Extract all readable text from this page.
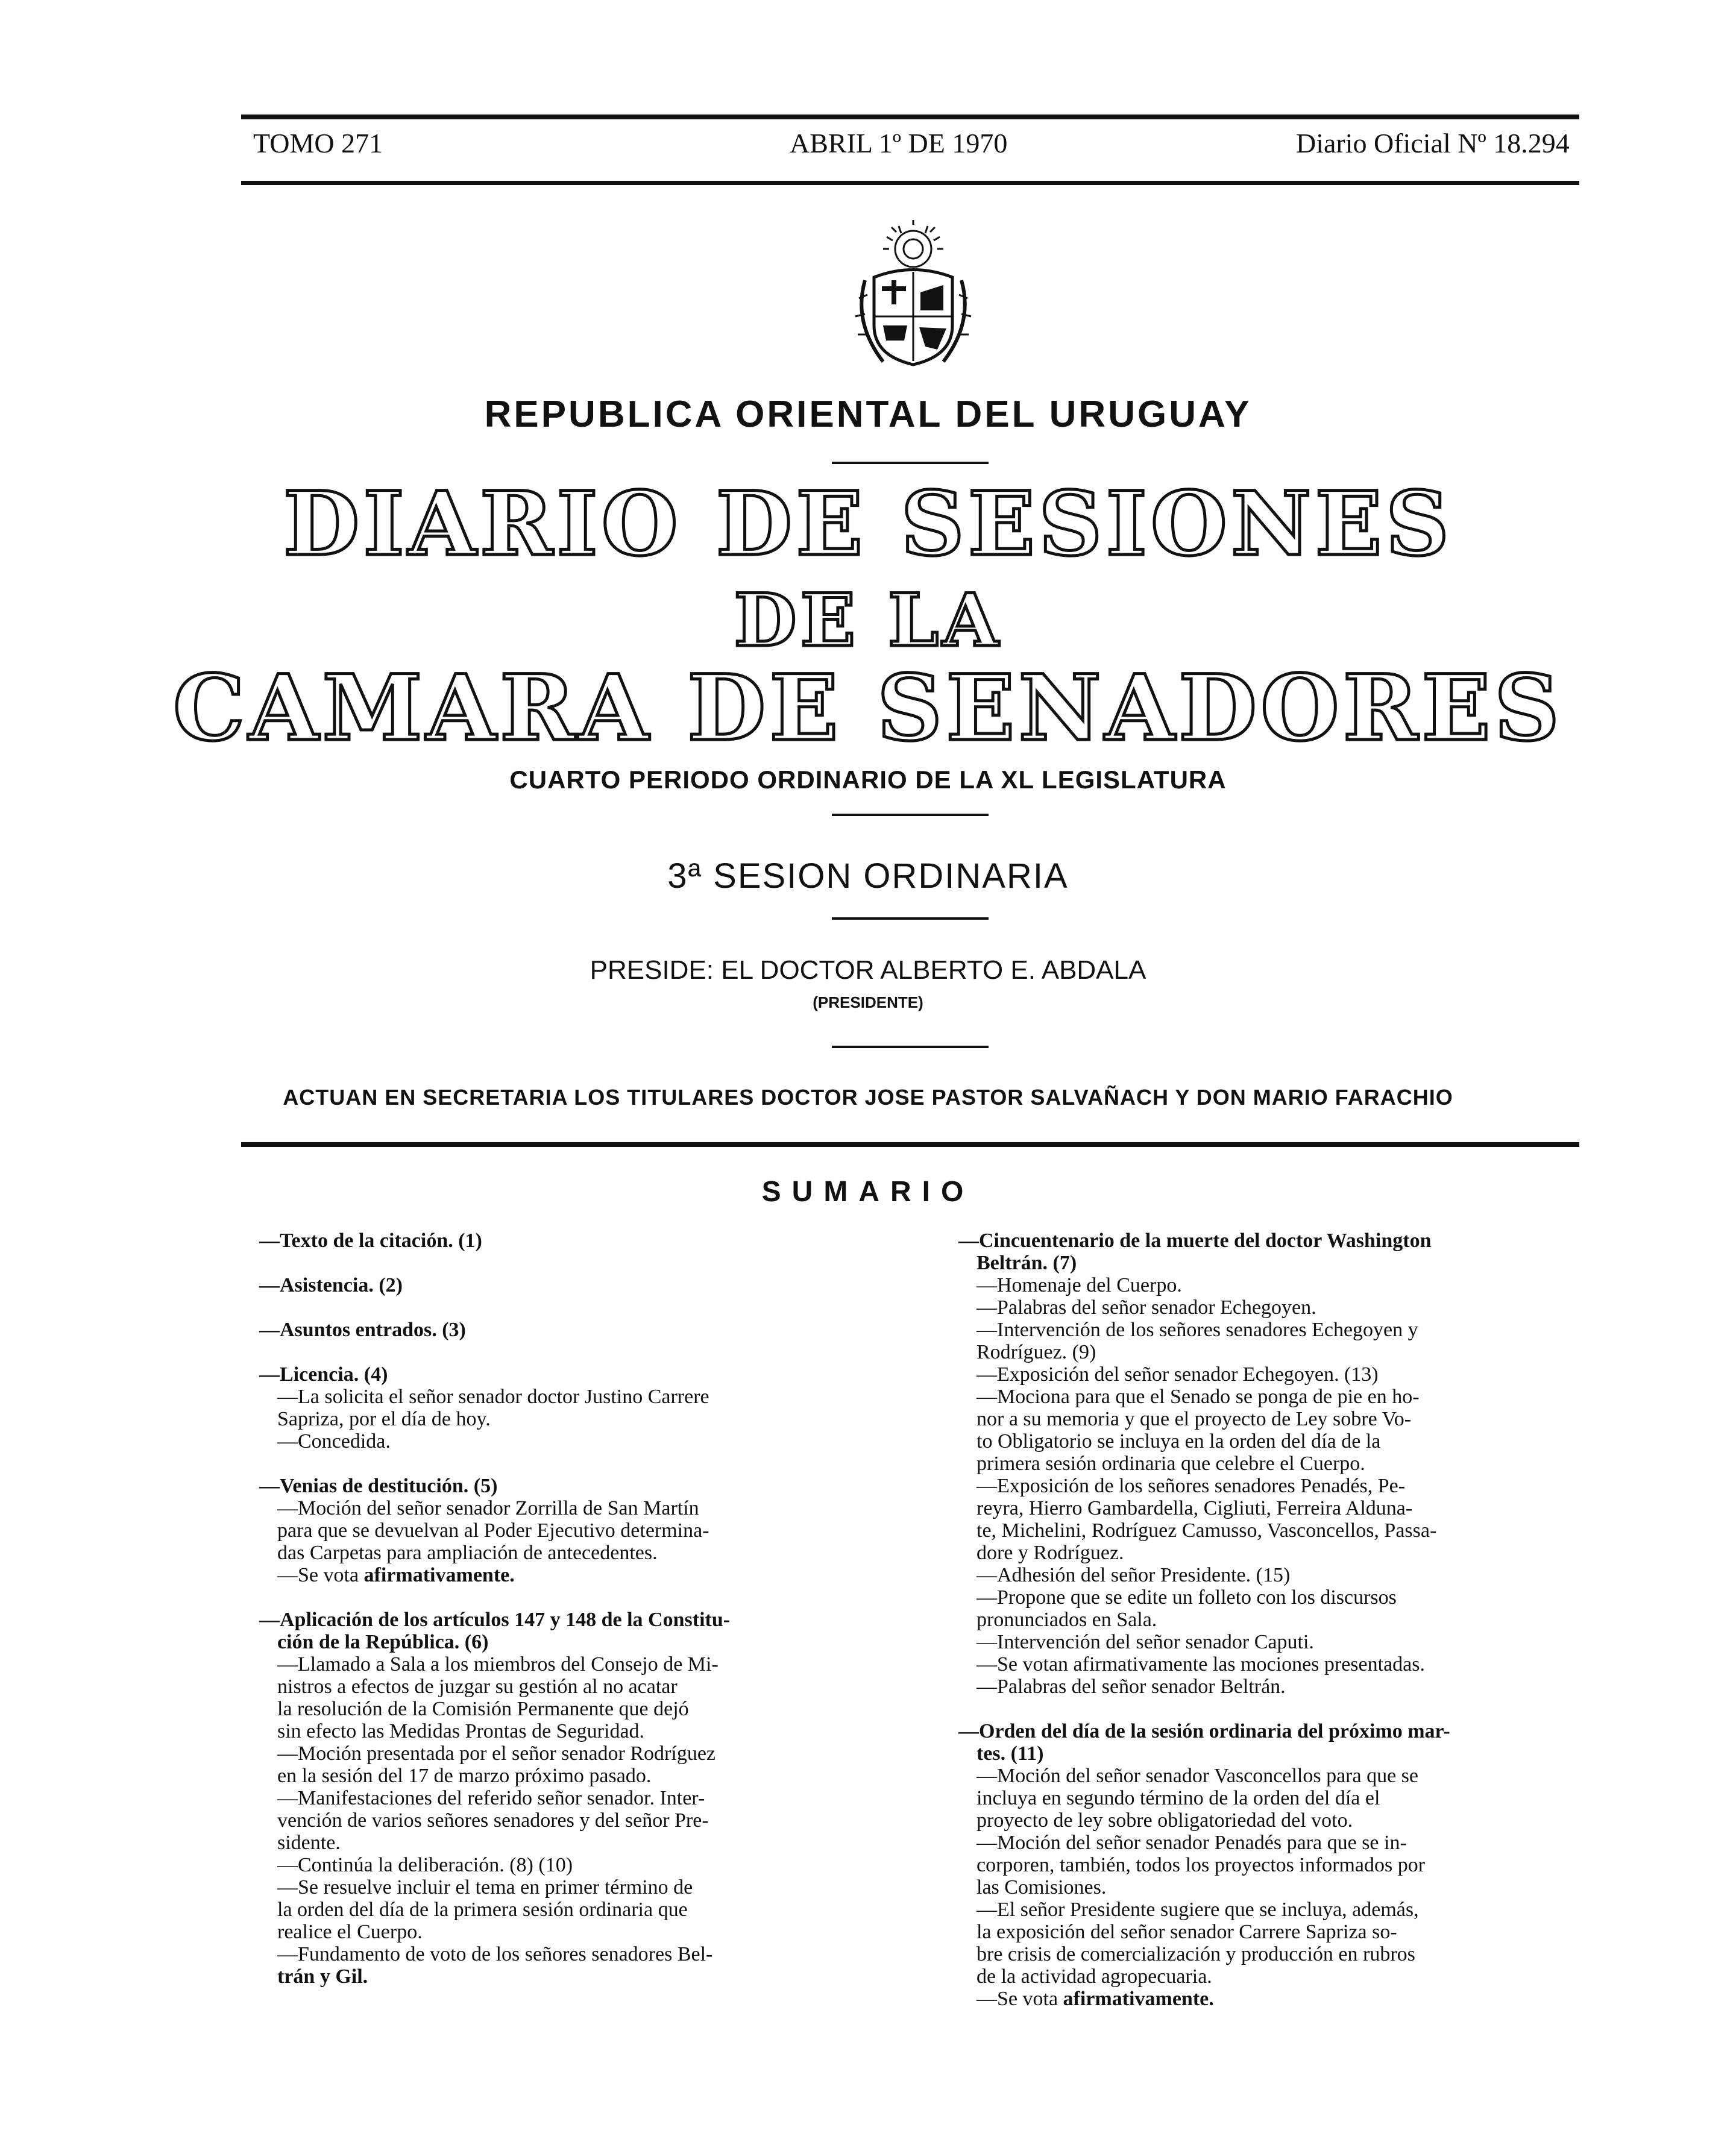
TOMO 271	ABRIL 1º DE 1970	Diario Oficial Nº 18.294
REPUBLICA ORIENTAL DEL URUGUAY
DIARIO DE SESIONES
DE LA
CAMARA DE SENADORES
CUARTO PERIODO ORDINARIO DE LA XL LEGISLATURA
3ª SESION ORDINARIA
PRESIDE: EL DOCTOR ALBERTO E. ABDALA
(PRESIDENTE)
ACTUAN EN SECRETARIA LOS TITULARES DOCTOR JOSE PASTOR SALVAÑACH Y DON MARIO FARACHIO
SUMARIO
—Texto de la citación. (1)
—Asistencia. (2)
—Asuntos entrados. (3)
—Licencia. (4)
—La solicita el señor senador doctor Justino Carrere
Sapriza, por el día de hoy.
—Concedida.
—Venias de destitución. (5)
—Moción del señor senador Zorrilla de San Martín
para que se devuelvan al Poder Ejecutivo determina-
das Carpetas para ampliación de antecedentes.
—Se vota afirmativamente.
—Aplicación de los artículos 147 y 148 de la Constitu-
ción de la República. (6)
—Llamado a Sala a los miembros del Consejo de Mi-
nistros a efectos de juzgar su gestión al no acatar
la resolución de la Comisión Permanente que dejó
sin efecto las Medidas Prontas de Seguridad.
—Moción presentada por el señor senador Rodríguez
en la sesión del 17 de marzo próximo pasado.
—Manifestaciones del referido señor senador. Inter-
vención de varios señores senadores y del señor Pre-
sidente.
—Continúa la deliberación. (8) (10)
—Se resuelve incluir el tema en primer término de
la orden del día de la primera sesión ordinaria que
realice el Cuerpo.
—Fundamento de voto de los señores senadores Bel-
trán y Gil.
—Cincuentenario de la muerte del doctor Washington
Beltrán. (7)
—Homenaje del Cuerpo.
—Palabras del señor senador Echegoyen.
—Intervención de los señores senadores Echegoyen y
Rodríguez. (9)
—Exposición del señor senador Echegoyen. (13)
—Mociona para que el Senado se ponga de pie en ho-
nor a su memoria y que el proyecto de Ley sobre Vo-
to Obligatorio se incluya en la orden del día de la
primera sesión ordinaria que celebre el Cuerpo.
—Exposición de los señores senadores Penadés, Pe-
reyra, Hierro Gambardella, Cigliuti, Ferreira Alduna-
te, Michelini, Rodríguez Camusso, Vasconcellos, Passa-
dore y Rodríguez.
—Adhesión del señor Presidente. (15)
—Propone que se edite un folleto con los discursos
pronunciados en Sala.
—Intervención del señor senador Caputi.
—Se votan afirmativamente las mociones presentadas.
—Palabras del señor senador Beltrán.
—Orden del día de la sesión ordinaria del próximo mar-
tes. (11)
—Moción del señor senador Vasconcellos para que se
incluya en segundo término de la orden del día el
proyecto de ley sobre obligatoriedad del voto.
—Moción del señor senador Penadés para que se in-
corporen, también, todos los proyectos informados por
las Comisiones.
—El señor Presidente sugiere que se incluya, además,
la exposición del señor senador Carrere Sapriza so-
bre crisis de comercialización y producción en rubros
de la actividad agropecuaria.
—Se vota afirmativamente.
